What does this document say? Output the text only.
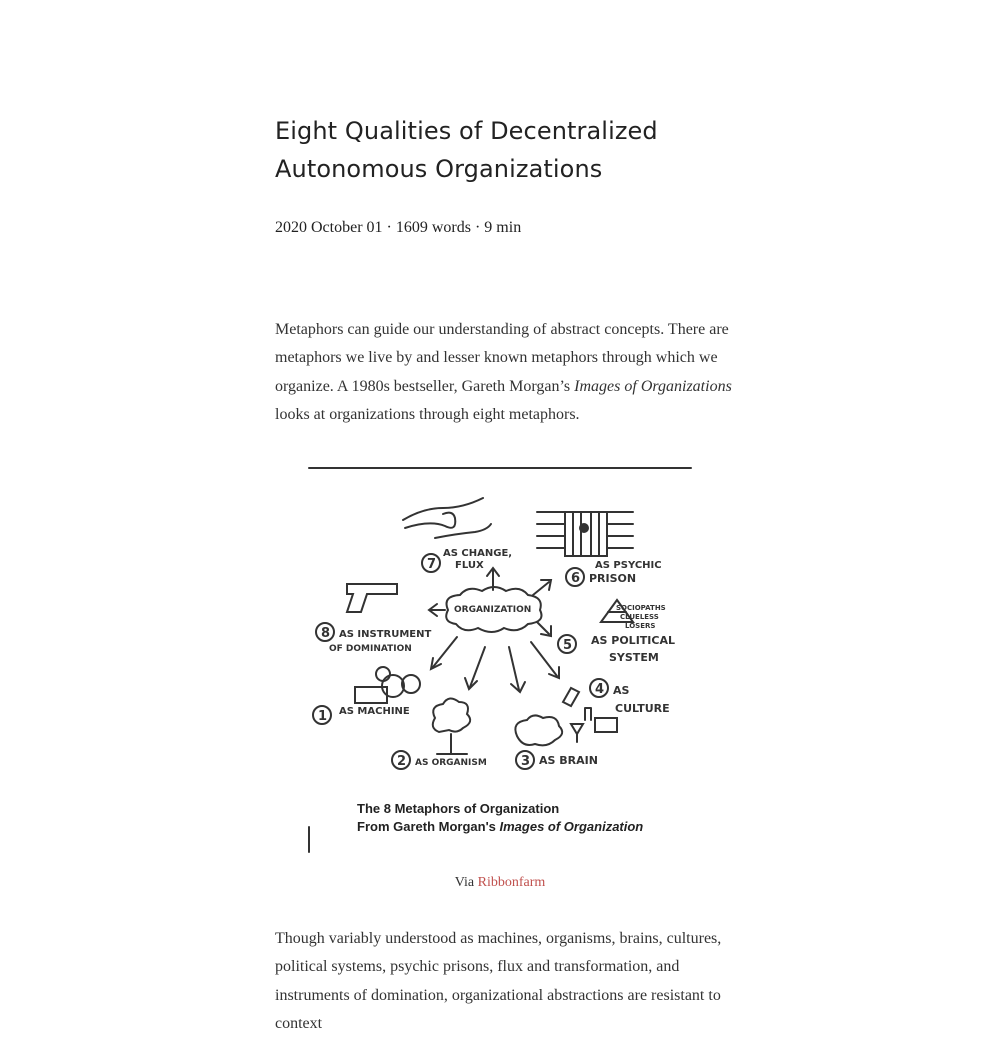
Eight Qualities of Decentralized
Autonomous Organizations
2020 October 01 · 1609 words · 9 min

Metaphors can guide our understanding of abstract concepts. There are metaphors we live by and lesser known metaphors through which we organize. A 1980s bestseller, Gareth Morgan’s Images of Organizations looks at organizations through eight metaphors.

Though variably understood as machines, organisms, brains, cultures, political systems, psychic prisons, flux and transformation, and instruments of domination, organizational abstractions are resistant to context

1
2	3
4
5
6
7
8
ORGANIZATION
AS MACHINE
AS ORGANISM	AS BRAIN
AS
CULTURE
AS POLITICAL
SYSTEM
AS PSYCHIC
PRISON
AS CHANGE,
FLUX
AS INSTRUMENT
OF DOMINATION
SOCIOPATHS
CLUELESS
LOSERS
The 8 Metaphors of Organization
From Gareth Morgan's Images of Organization
Via Ribbonfarm
